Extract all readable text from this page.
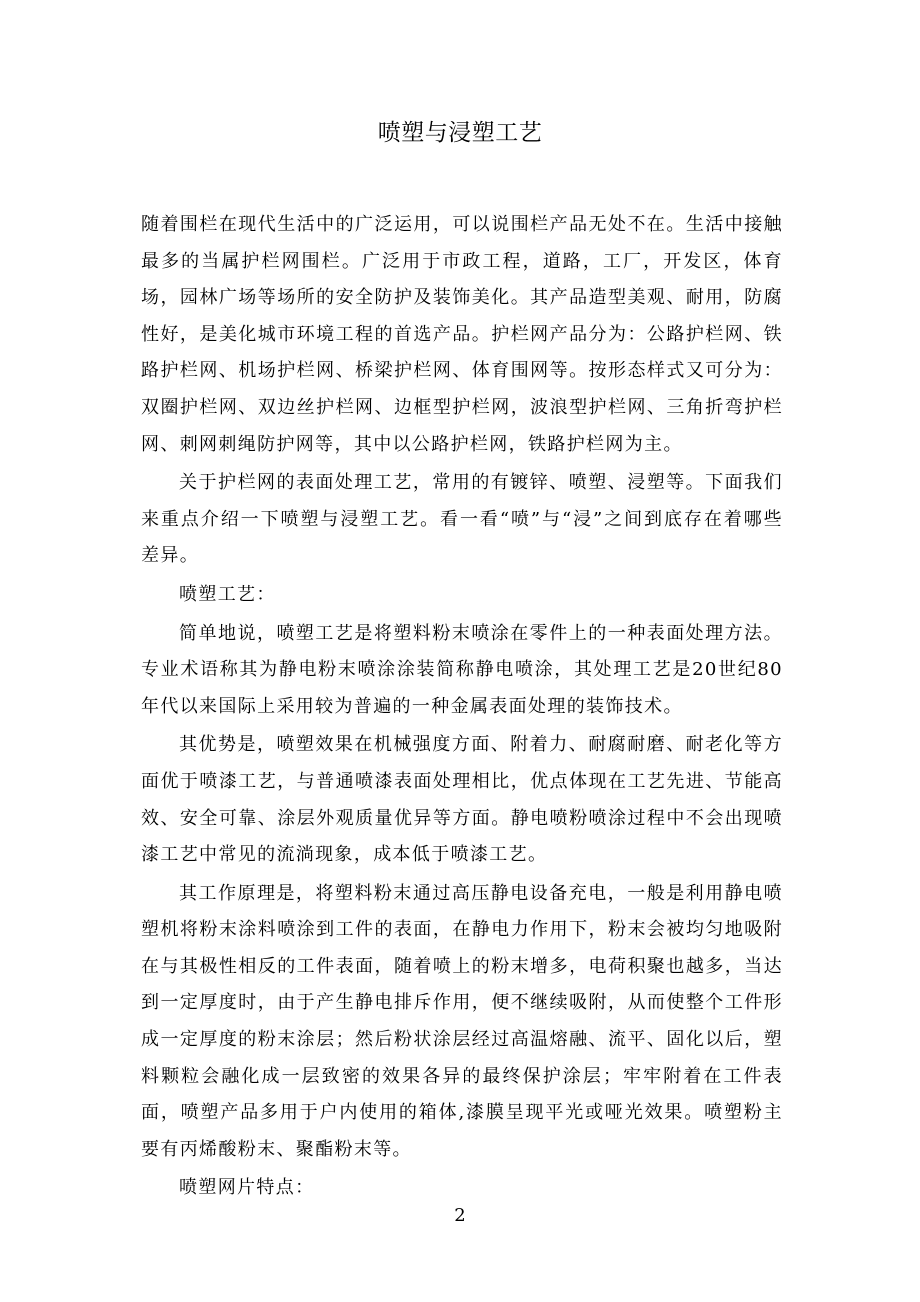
喷塑与浸塑工艺

随着围栏在现代生活中的广泛运用，可以说围栏产品无处不在。生活中接触最多的当属护栏网围栏。广泛用于市政工程，道路，工厂，开发区，体育场，园林广场等场所的安全防护及装饰美化。其产品造型美观、耐用，防腐性好，是美化城市环境工程的首选产品。护栏网产品分为：公路护栏网、铁路护栏网、机场护栏网、桥梁护栏网、体育围网等。按形态样式又可分为：双圈护栏网、双边丝护栏网、边框型护栏网，波浪型护栏网、三角折弯护栏网、刺网刺绳防护网等，其中以公路护栏网，铁路护栏网为主。

关于护栏网的表面处理工艺，常用的有镀锌、喷塑、浸塑等。下面我们来重点介绍一下喷塑与浸塑工艺。看一看“喷”与“浸”之间到底存在着哪些差异。

喷塑工艺：

简单地说，喷塑工艺是将塑料粉末喷涂在零件上的一种表面处理方法。专业术语称其为静电粉末喷涂涂装简称静电喷涂，其处理工艺是20世纪80年代以来国际上采用较为普遍的一种金属表面处理的装饰技术。

其优势是，喷塑效果在机械强度方面、附着力、耐腐耐磨、耐老化等方面优于喷漆工艺，与普通喷漆表面处理相比，优点体现在工艺先进、节能高效、安全可靠、涂层外观质量优异等方面。静电喷粉喷涂过程中不会出现喷漆工艺中常见的流淌现象，成本低于喷漆工艺。

其工作原理是，将塑料粉末通过高压静电设备充电，一般是利用静电喷塑机将粉末涂料喷涂到工件的表面，在静电力作用下，粉末会被均匀地吸附在与其极性相反的工件表面，随着喷上的粉末增多，电荷积聚也越多，当达到一定厚度时，由于产生静电排斥作用，便不继续吸附，从而使整个工件形成一定厚度的粉末涂层；然后粉状涂层经过高温熔融、流平、固化以后，塑料颗粒会融化成一层致密的效果各异的最终保护涂层；牢牢附着在工件表面，喷塑产品多用于户内使用的箱体,漆膜呈现平光或哑光效果。喷塑粉主要有丙烯酸粉末、聚酯粉末等。

喷塑网片特点：

2
